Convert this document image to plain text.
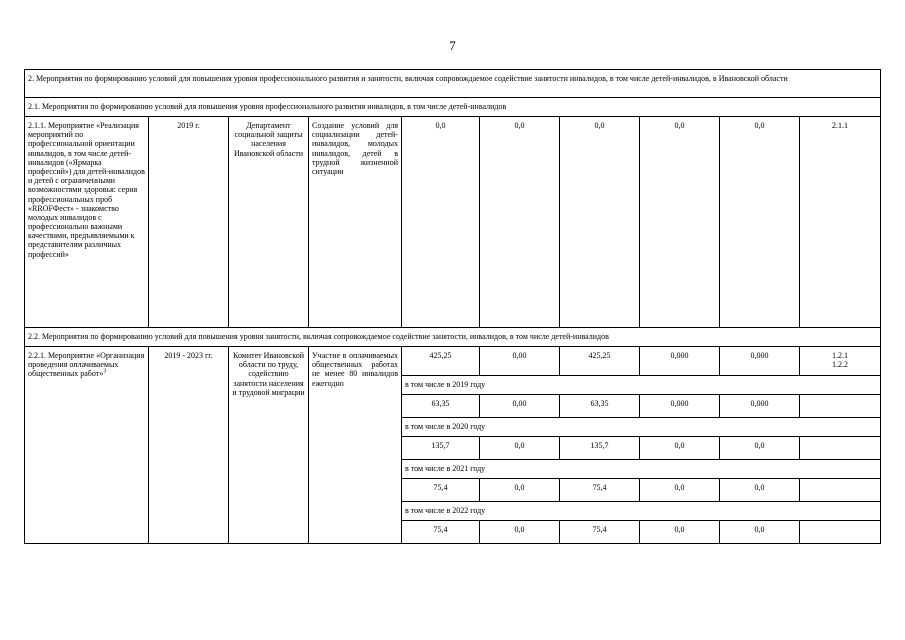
7
2. Мероприятия по формированию условий для повышения уровня профессионального развития и занятости, включая сопровождаемое содействие занятости инвалидов, в том числе детей-инвалидов, в Ивановской области									
2.1. Мероприятия по формированию условий для повышения уровня профессионального развития инвалидов, в том числе детей-инвалидов									
2.1.1. Мероприятие «Реализация мероприятий по профессиональной ориентации инвалидов, в том числе детей-инвалидов («Ярмарка профессий») для детей-инвалидов и детей с ограниченными возможностями здоровья: серия профессиональных проб «RROFФест» - знакомство молодых инвалидов с профессионально важными качествами, предъявляемыми к представителям различных профессий»	2019 г.	Департамент социальной защиты населения Ивановской области	Создание условий для социализации детей-инвалидов, молодых инвалидов, детей в трудной жизненной ситуации	0,0	0,0	0,0	0,0	0,0	2.1.1
2.2. Мероприятия по формированию условий для повышения уровня занятости, включая сопровождаемое содействие занятости, инвалидов, в том числе детей-инвалидов									
2.2.1. Мероприятие «Организация проведения оплачиваемых общественных работ»$^3$	2019 - 2023 гг.	Комитет Ивановской области по труду, содействию занятости населения и трудовой миграции	Участие в оплачиваемых общественных работах не менее 80 инвалидов ежегодно	425,25	0,00	425,25	0,000	0,000	1.2.1
1.2.2

				в том числе в 2019 году					
				63,35	0,00	63,35	0,000	0,000	
				в том числе в 2020 году					
				135,7	0,0	135,7	0,0	0,0	
				в том числе в 2021 году					
				75,4	0,0	75,4	0,0	0,0	
				в том числе в 2022 году					
				75,4	0,0	75,4	0,0	0,0	
